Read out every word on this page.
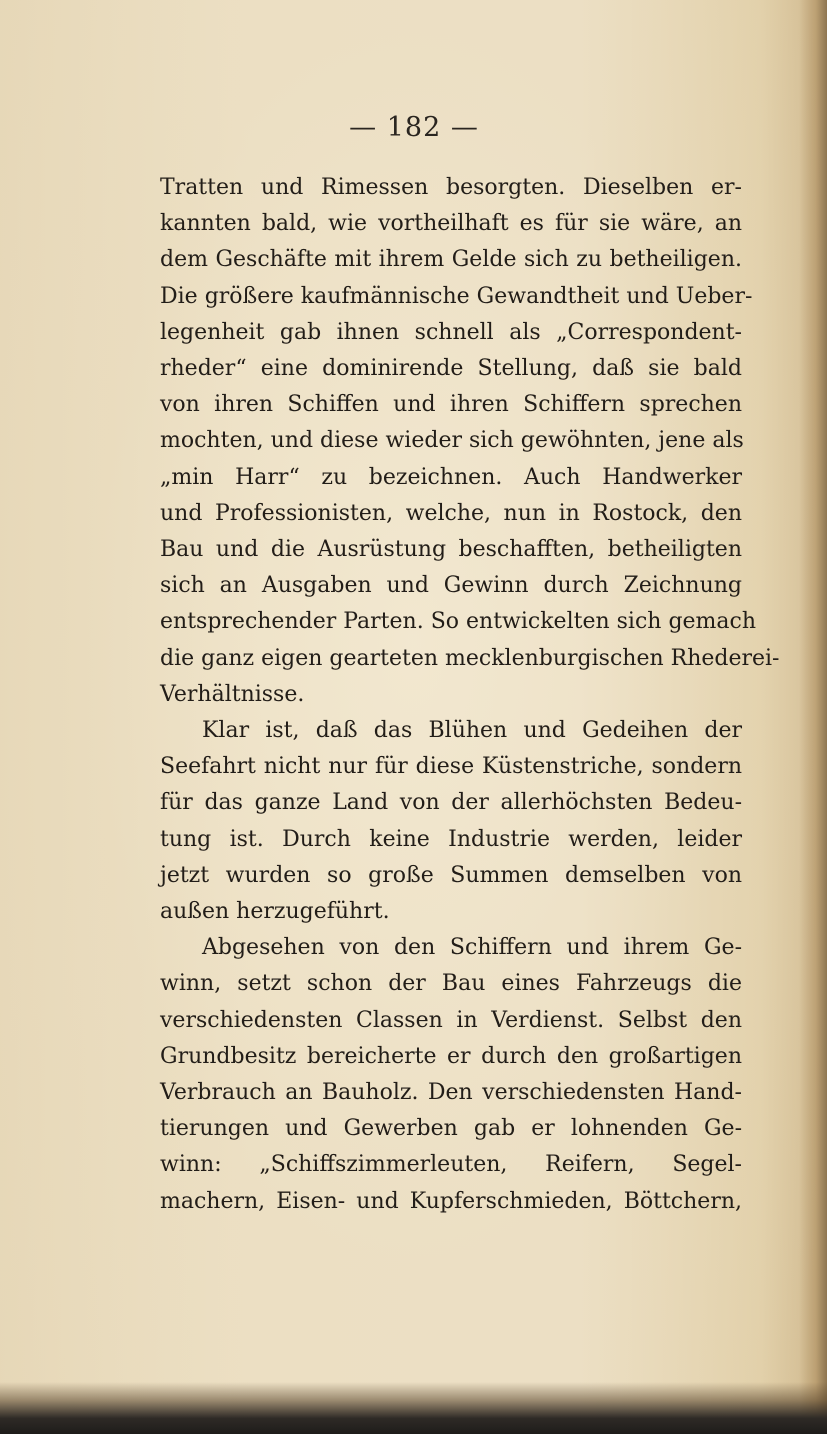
— 182 —
Tratten und Rimessen besorgten. Dieselben er-
kannten bald, wie vortheilhaft es für sie wäre, an
dem Geschäfte mit ihrem Gelde sich zu betheiligen.
Die größere kaufmännische Gewandtheit und Ueber-
legenheit gab ihnen schnell als „Correspondent-
rheder“ eine dominirende Stellung, daß sie bald
von ihren Schiffen und ihren Schiffern sprechen
mochten, und diese wieder sich gewöhnten, jene als
„min Harr“ zu bezeichnen. Auch Handwerker
und Professionisten, welche, nun in Rostock, den
Bau und die Ausrüstung beschafften, betheiligten
sich an Ausgaben und Gewinn durch Zeichnung
entsprechender Parten. So entwickelten sich gemach
die ganz eigen gearteten mecklenburgischen Rhederei-
Verhältnisse.
Klar ist, daß das Blühen und Gedeihen der
Seefahrt nicht nur für diese Küstenstriche, sondern
für das ganze Land von der allerhöchsten Bedeu-
tung ist. Durch keine Industrie werden, leider
jetzt wurden so große Summen demselben von
außen herzugeführt.
Abgesehen von den Schiffern und ihrem Ge-
winn, setzt schon der Bau eines Fahrzeugs die
verschiedensten Classen in Verdienst. Selbst den
Grundbesitz bereicherte er durch den großartigen
Verbrauch an Bauholz. Den verschiedensten Hand-
tierungen und Gewerben gab er lohnenden Ge-
winn: „Schiffszimmerleuten, Reifern, Segel-
machern, Eisen- und Kupferschmieden, Böttchern,
